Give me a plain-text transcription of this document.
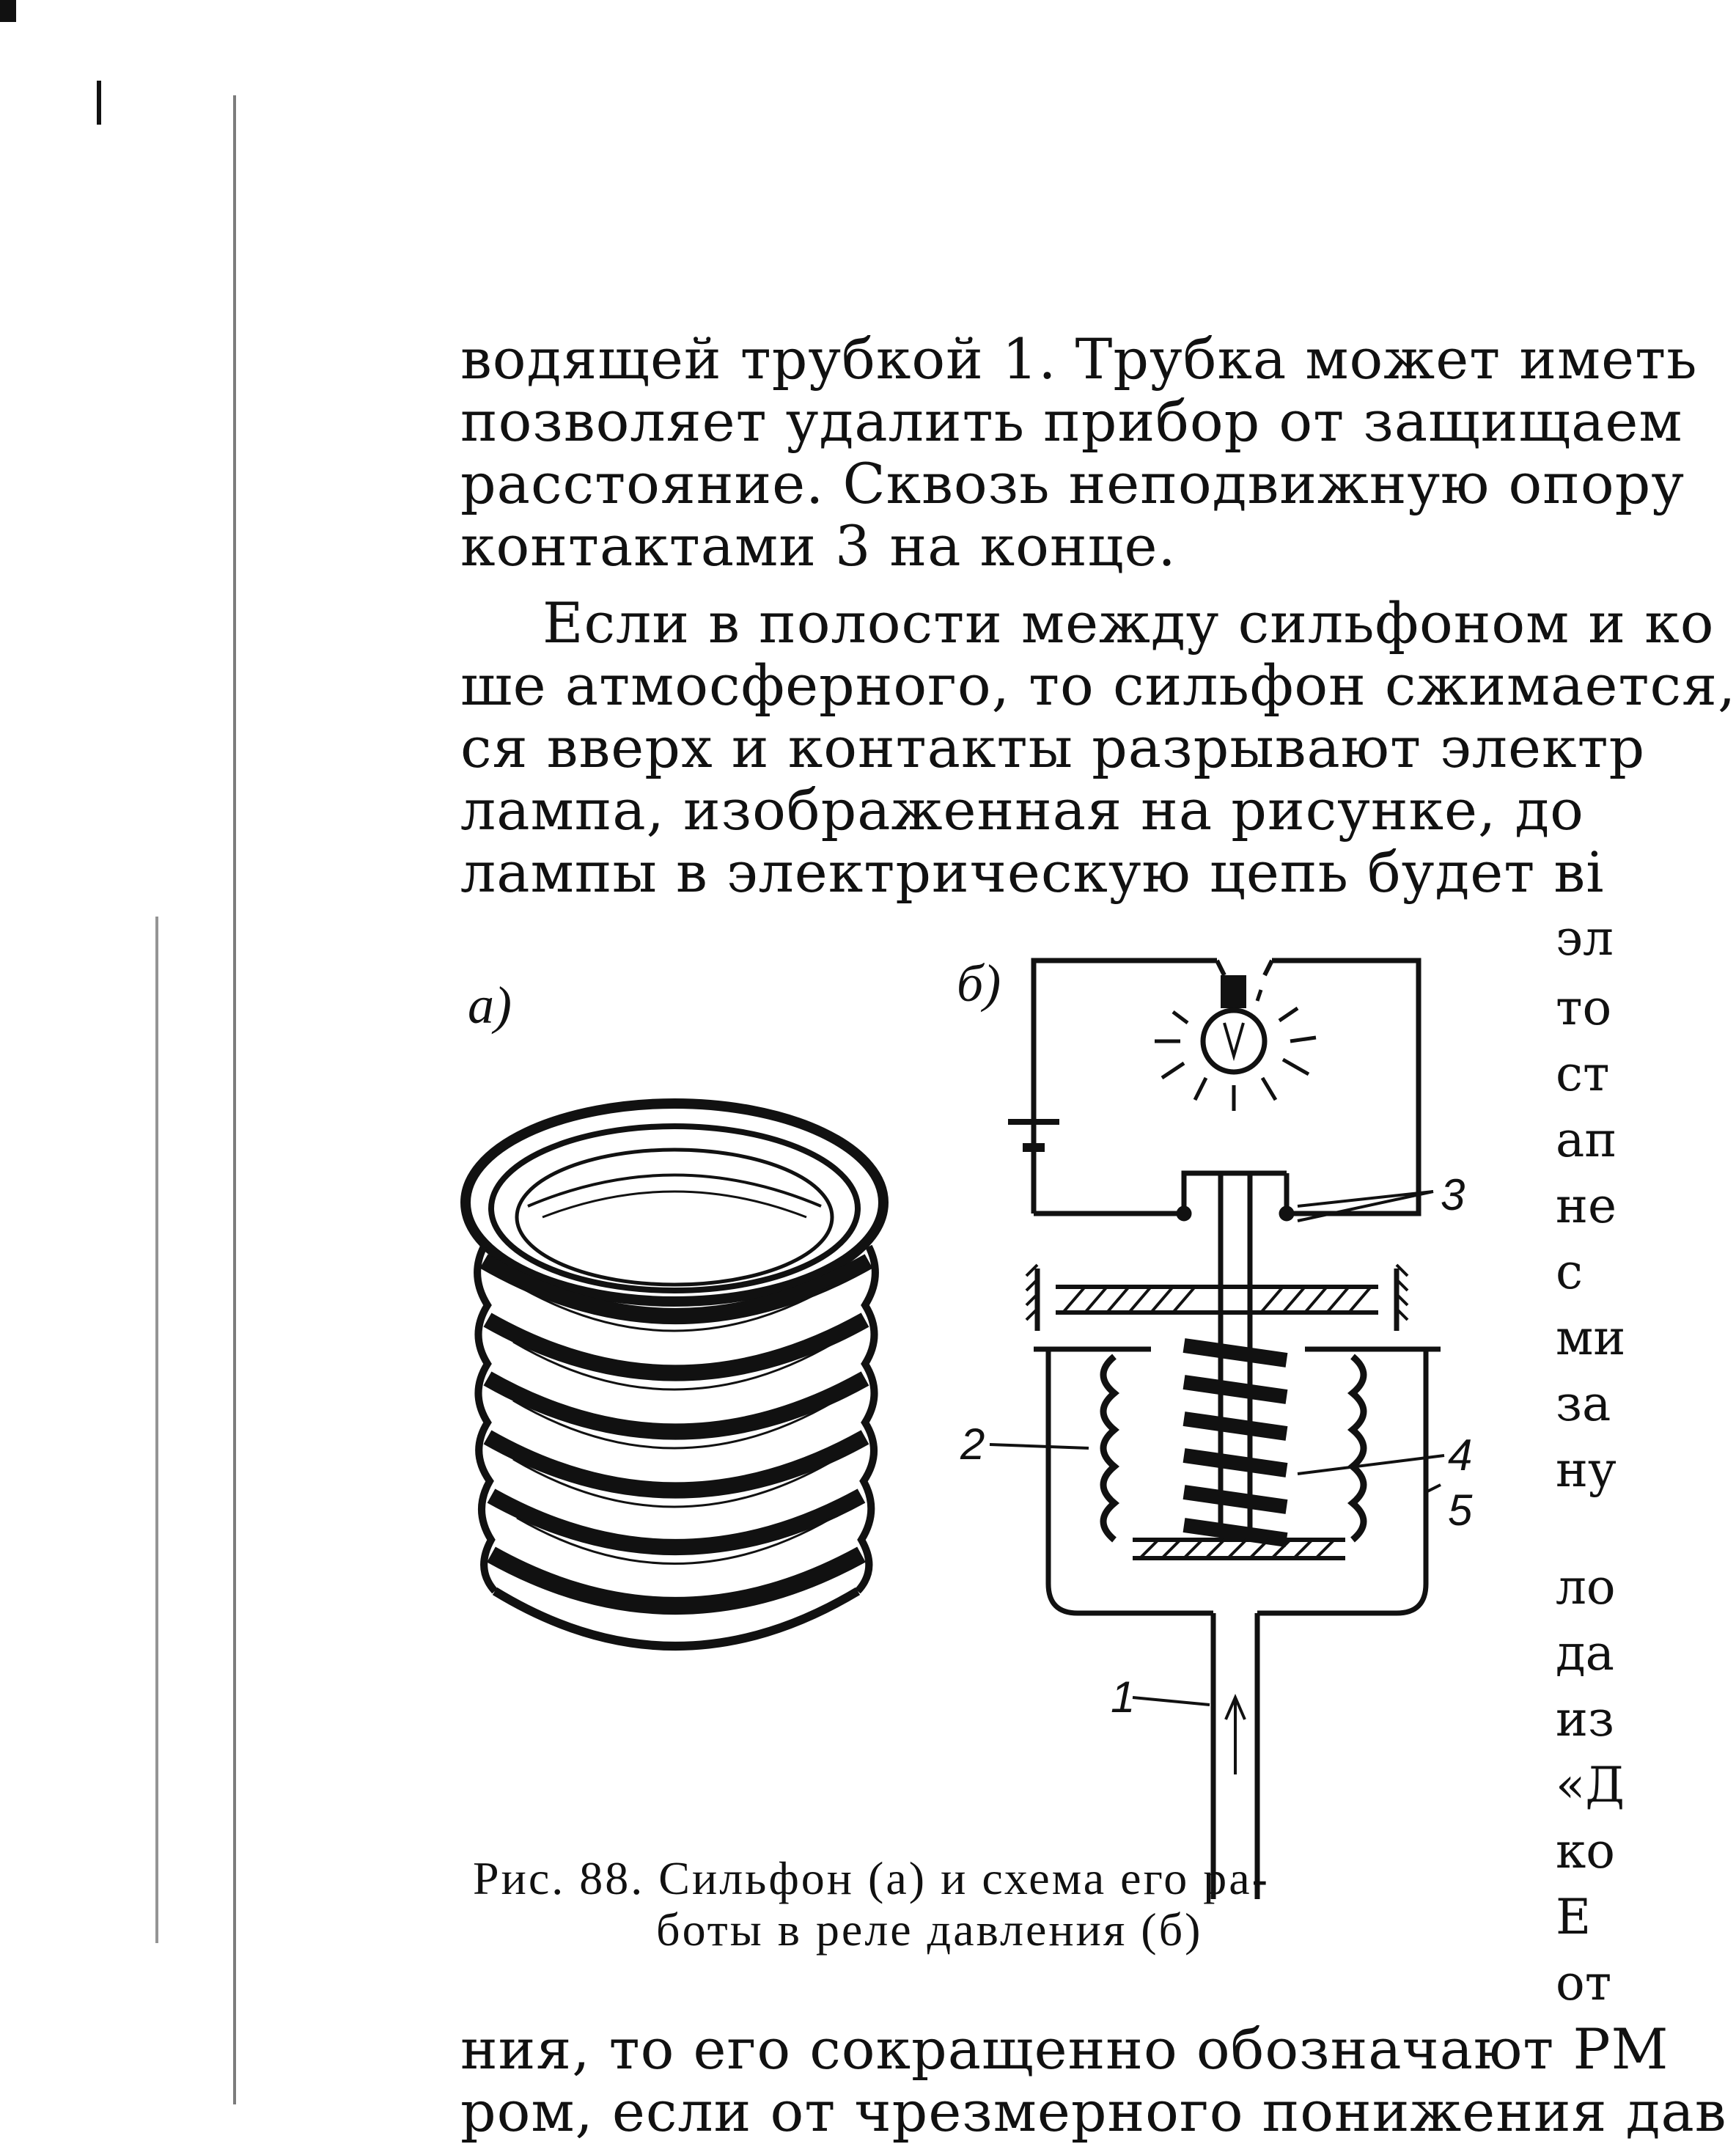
водящей трубкой 1. Трубка может иметь
позволяет удалить прибор от защищаем
расстояние. Сквозь неподвижную опору
контактами 3 на конце.
Если в полости между сильфоном и ко
ше атмосферного, то сильфон сжимается,
ся вверх и контакты разрывают электр
лампа, изображенная на рисунке, до
лампы в электрическую цепь будет ві
эл
то
ст
ап
не
с
ми
за
ну
ло
да
из
«Д
ко
Е
от
а)	б)
3
2	4
5
1
Рис. 88. Сильфон (а) и схема его ра-
боты в реле давления (б)
ния, то его сокращенно обозначают РМ
ром, если от чрезмерного понижения дав
